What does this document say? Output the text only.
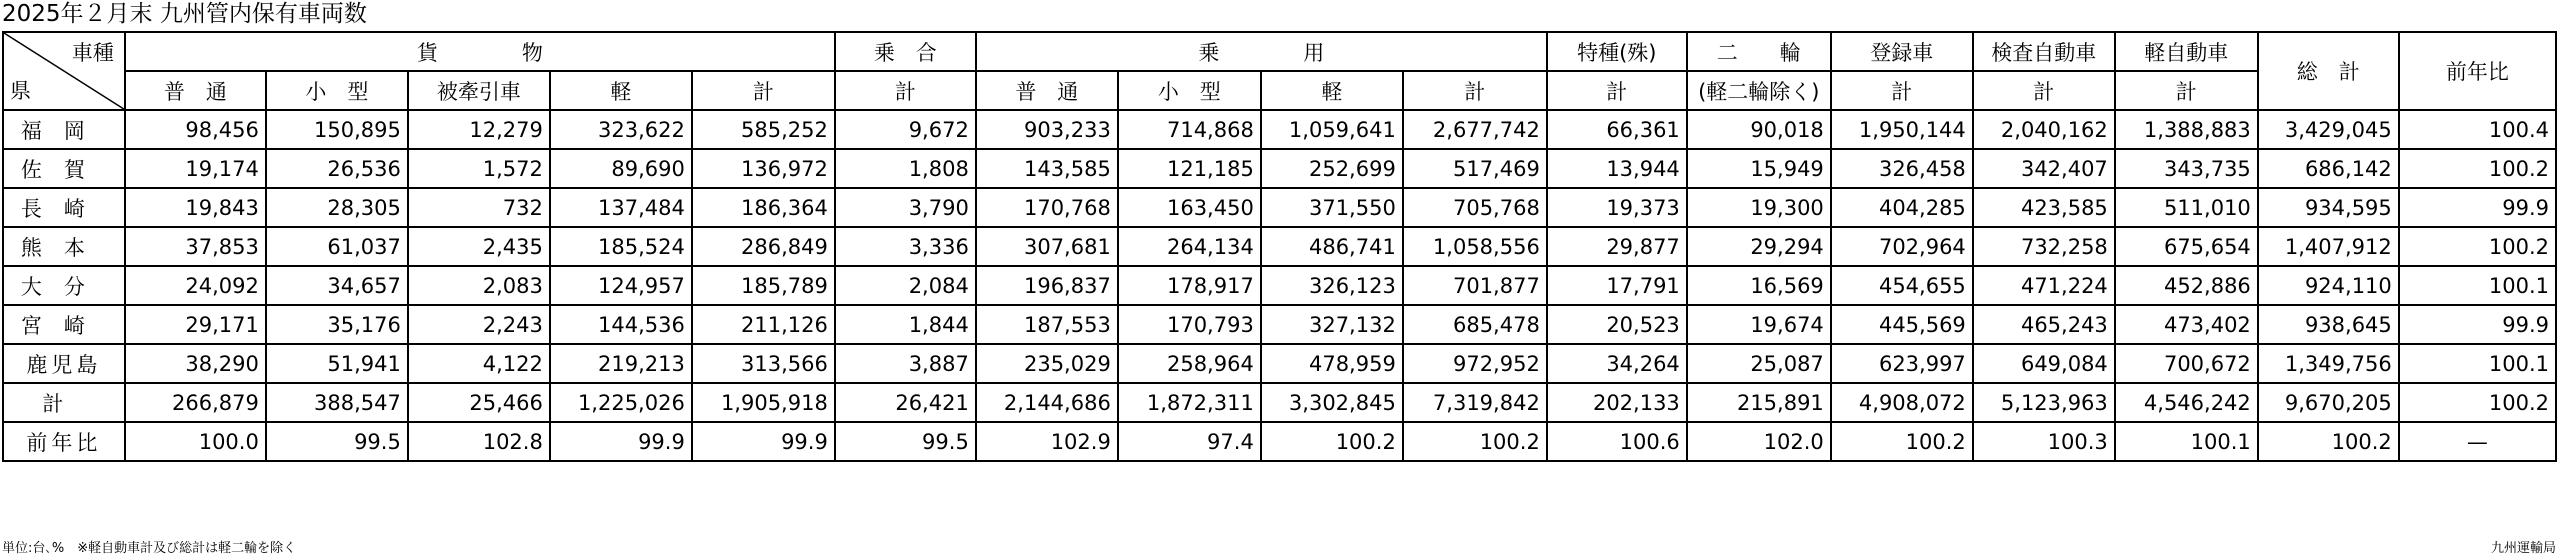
2025年２月末 九州管内保有車両数
車種
県	貨　　　　物					乗　合	乗　　　　用				特種(殊)	二　　輪	登録車	検査自動車	軽自動車	総　計	前年比
	普　通	小　型	被牽引車	軽	計	計	普　通	小　型	軽	計	計	(軽二輪除く)	計	計	計		
福岡	98,456	150,895	12,279	323,622	585,252	9,672	903,233	714,868	1,059,641	2,677,742	66,361	90,018	1,950,144	2,040,162	1,388,883	3,429,045	100.4
佐賀	19,174	26,536	1,572	89,690	136,972	1,808	143,585	121,185	252,699	517,469	13,944	15,949	326,458	342,407	343,735	686,142	100.2
長崎	19,843	28,305	732	137,484	186,364	3,790	170,768	163,450	371,550	705,768	19,373	19,300	404,285	423,585	511,010	934,595	99.9
熊本	37,853	61,037	2,435	185,524	286,849	3,336	307,681	264,134	486,741	1,058,556	29,877	29,294	702,964	732,258	675,654	1,407,912	100.2
大分	24,092	34,657	2,083	124,957	185,789	2,084	196,837	178,917	326,123	701,877	17,791	16,569	454,655	471,224	452,886	924,110	100.1
宮崎	29,171	35,176	2,243	144,536	211,126	1,844	187,553	170,793	327,132	685,478	20,523	19,674	445,569	465,243	473,402	938,645	99.9
鹿児島	38,290	51,941	4,122	219,213	313,566	3,887	235,029	258,964	478,959	972,952	34,264	25,087	623,997	649,084	700,672	1,349,756	100.1
計	266,879	388,547	25,466	1,225,026	1,905,918	26,421	2,144,686	1,872,311	3,302,845	7,319,842	202,133	215,891	4,908,072	5,123,963	4,546,242	9,670,205	100.2
前年比	100.0	99.5	102.8	99.9	99.9	99.5	102.9	97.4	100.2	100.2	100.6	102.0	100.2	100.3	100.1	100.2	—
単位:台､%　※軽自動車計及び総計は軽二輪を除く	九州運輸局
